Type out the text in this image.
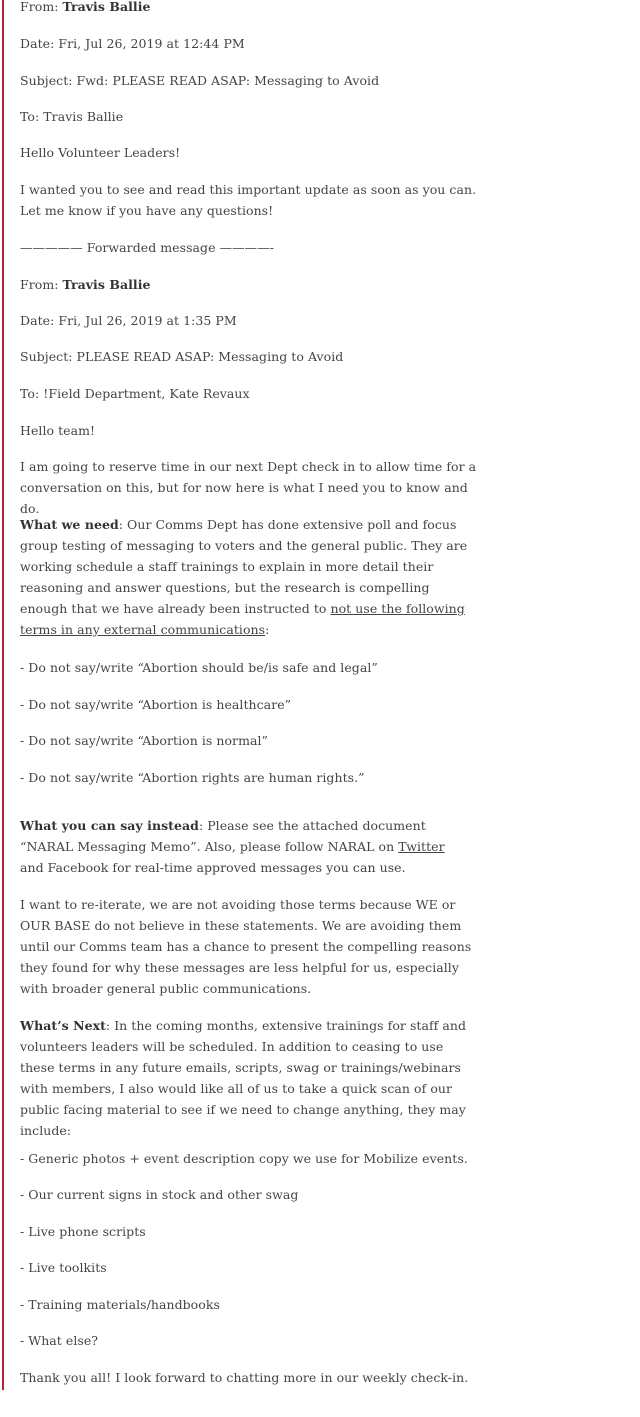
From: Travis Ballie
Date: Fri, Jul 26, 2019 at 12:44 PM
Subject: Fwd: PLEASE READ ASAP: Messaging to Avoid
To: Travis Ballie
Hello Volunteer Leaders!
I wanted you to see and read this important update as soon as you can.
Let me know if you have any questions!
————— Forwarded message ————-
From: Travis Ballie
Date: Fri, Jul 26, 2019 at 1:35 PM
Subject: PLEASE READ ASAP: Messaging to Avoid
To: !Field Department, Kate Revaux
Hello team!
I am going to reserve time in our next Dept check in to allow time for a conversation on this, but for now here is what I need you to know and do.
What we need: Our Comms Dept has done extensive poll and focus group testing of messaging to voters and the general public. They are working schedule a staff trainings to explain in more detail their reasoning and answer questions, but the research is compelling enough that we have already been instructed to not use the following terms in any external communications:
- Do not say/write “Abortion should be/is safe and legal”
- Do not say/write “Abortion is healthcare”
- Do not say/write “Abortion is normal”
- Do not say/write “Abortion rights are human rights.”
What you can say instead: Please see the attached document “NARAL Messaging Memo”. Also, please follow NARAL on Twitter and Facebook for real-time approved messages you can use.
I want to re-iterate, we are not avoiding those terms because WE or OUR BASE do not believe in these statements. We are avoiding them until our Comms team has a chance to present the compelling reasons they found for why these messages are less helpful for us, especially with broader general public communications.
What’s Next: In the coming months, extensive trainings for staff and volunteers leaders will be scheduled. In addition to ceasing to use these terms in any future emails, scripts, swag or trainings/webinars with members, I also would like all of us to take a quick scan of our public facing material to see if we need to change anything, they may include:
- Generic photos + event description copy we use for Mobilize events.
- Our current signs in stock and other swag
- Live phone scripts
- Live toolkits
- Training materials/handbooks
- What else?
Thank you all! I look forward to chatting more in our weekly check-in.
